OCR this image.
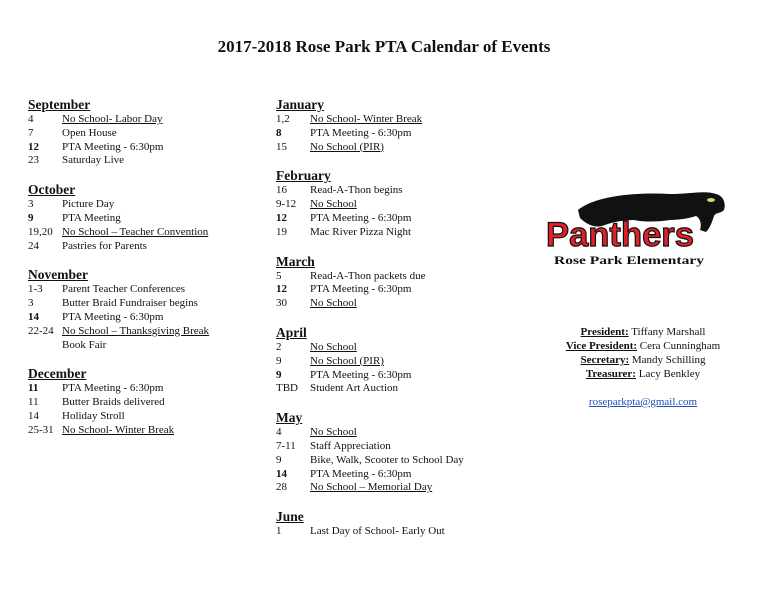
2017-2018 Rose Park PTA Calendar of Events
September
4	No School- Labor Day
7	Open House
12	PTA Meeting - 6:30pm
23	Saturday Live
October
3	Picture Day
9	PTA Meeting
19,20 No School – Teacher Convention
24	Pastries for Parents
November
1-3	Parent Teacher Conferences
3	Butter Braid Fundraiser begins
14	PTA Meeting - 6:30pm
22-24 No School – Thanksgiving Break
Book Fair
December
11	PTA Meeting - 6:30pm
11	Butter Braids delivered
14	Holiday Stroll
25-31 No School- Winter Break
January
1,2	No School- Winter Break
8	PTA Meeting - 6:30pm
15	No School (PIR)
February
16	Read-A-Thon begins
9-12	No School
12	PTA Meeting - 6:30pm
19	Mac River Pizza Night
March
5	Read-A-Thon packets due
12	PTA Meeting - 6:30pm
30	No School
April
2	No School
9	No School (PIR)
9	PTA Meeting - 6:30pm
TBD	Student Art Auction
May
4	No School
7-11	Staff Appreciation
9	Bike, Walk, Scooter to School Day
14	PTA Meeting - 6:30pm
28	No School – Memorial Day
June
1	Last Day of School- Early Out
Panthers
Rose Park Elementary
President: Tiffany Marshall
Vice President: Cera Cunningham
Secretary: Mandy Schilling
Treasurer: Lacy Benkley
roseparkpta@gmail.com
